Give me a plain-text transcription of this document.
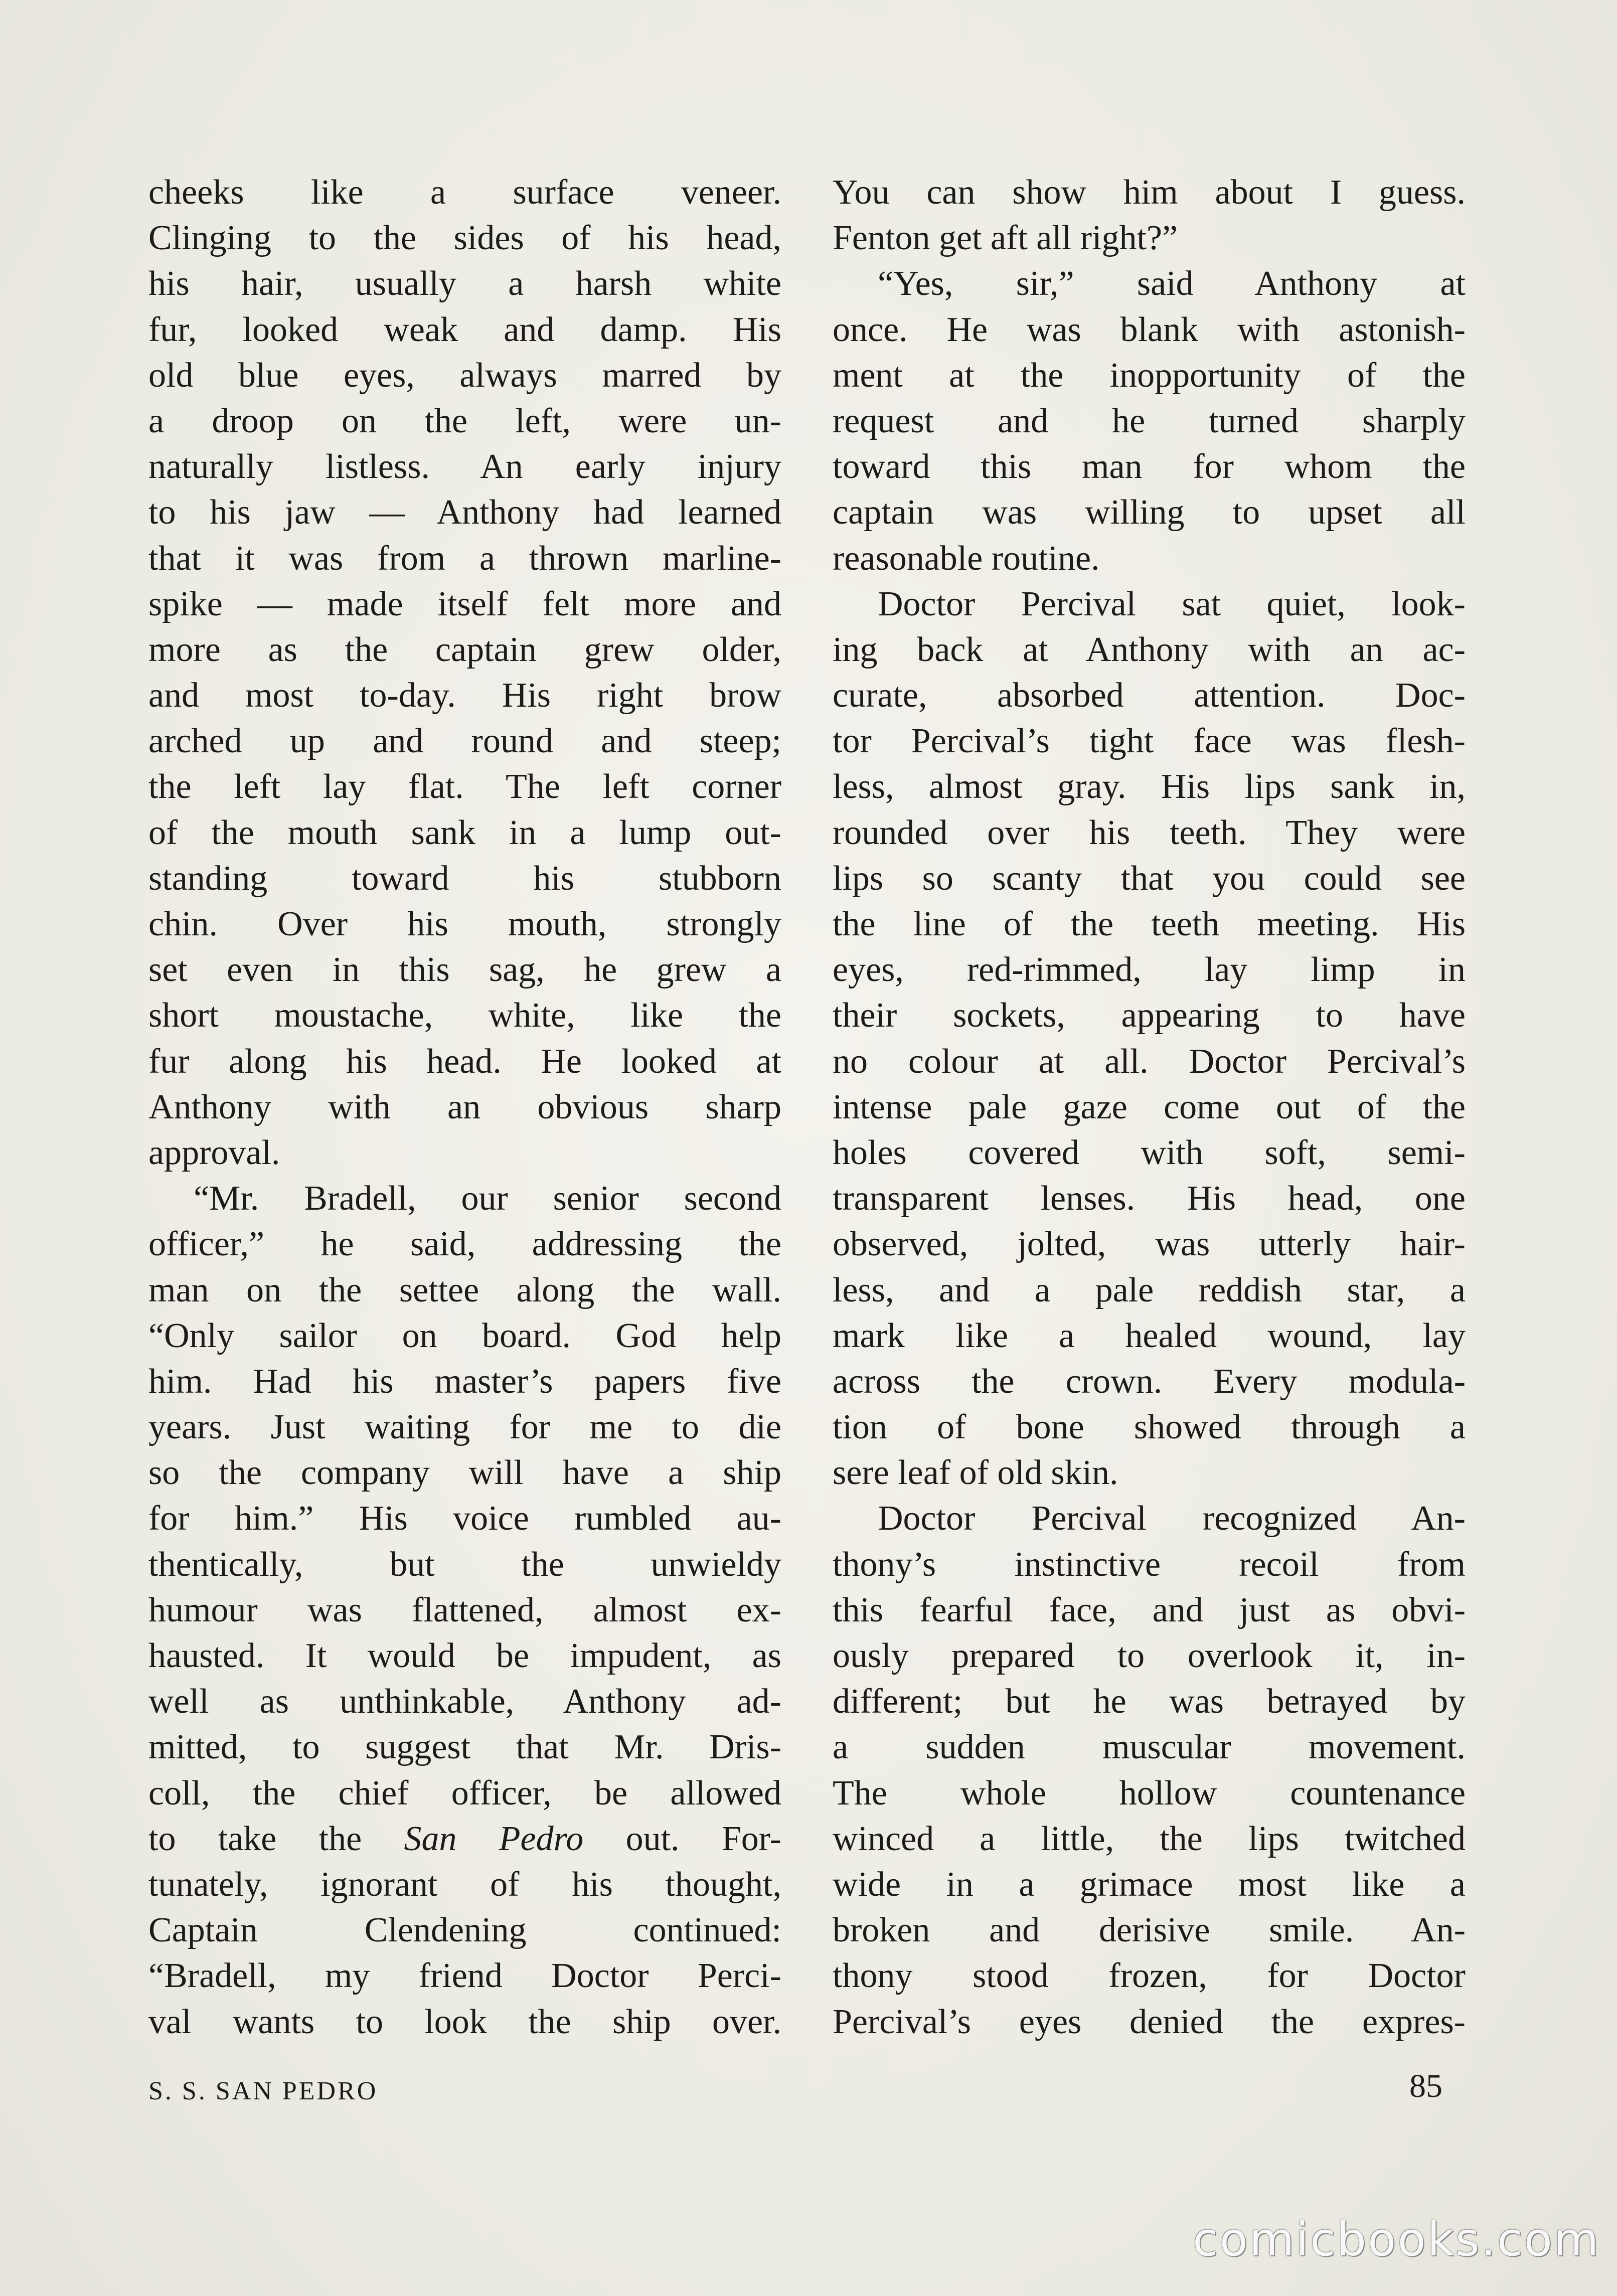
cheeks like a surface veneer.
Clinging to the sides of his head,
his hair, usually a harsh white
fur, looked weak and damp. His
old blue eyes, always marred by
a droop on the left, were un-
naturally listless. An early injury
to his jaw — Anthony had learned
that it was from a thrown marline-
spike — made itself felt more and
more as the captain grew older,
and most to-day. His right brow
arched up and round and steep;
the left lay flat. The left corner
of the mouth sank in a lump out-
standing toward his stubborn
chin. Over his mouth, strongly
set even in this sag, he grew a
short moustache, white, like the
fur along his head. He looked at
Anthony with an obvious sharp
approval.
“Mr. Bradell, our senior second
officer,” he said, addressing the
man on the settee along the wall.
“Only sailor on board. God help
him. Had his master’s papers five
years. Just waiting for me to die
so the company will have a ship
for him.” His voice rumbled au-
thentically, but the unwieldy
humour was flattened, almost ex-
hausted. It would be impudent, as
well as unthinkable, Anthony ad-
mitted, to suggest that Mr. Dris-
coll, the chief officer, be allowed
to take the San Pedro out. For-
tunately, ignorant of his thought,
Captain Clendening continued:
“Bradell, my friend Doctor Perci-
val wants to look the ship over.
You can show him about I guess.
Fenton get aft all right?”
“Yes, sir,” said Anthony at
once. He was blank with astonish-
ment at the inopportunity of the
request and he turned sharply
toward this man for whom the
captain was willing to upset all
reasonable routine.
Doctor Percival sat quiet, look-
ing back at Anthony with an ac-
curate, absorbed attention. Doc-
tor Percival’s tight face was flesh-
less, almost gray. His lips sank in,
rounded over his teeth. They were
lips so scanty that you could see
the line of the teeth meeting. His
eyes, red-rimmed, lay limp in
their sockets, appearing to have
no colour at all. Doctor Percival’s
intense pale gaze come out of the
holes covered with soft, semi-
transparent lenses. His head, one
observed, jolted, was utterly hair-
less, and a pale reddish star, a
mark like a healed wound, lay
across the crown. Every modula-
tion of bone showed through a
sere leaf of old skin.
Doctor Percival recognized An-
thony’s instinctive recoil from
this fearful face, and just as obvi-
ously prepared to overlook it, in-
different; but he was betrayed by
a sudden muscular movement.
The whole hollow countenance
winced a little, the lips twitched
wide in a grimace most like a
broken and derisive smile. An-
thony stood frozen, for Doctor
Percival’s eyes denied the expres-
S. S. SAN PEDRO	85
comicbooks.com
